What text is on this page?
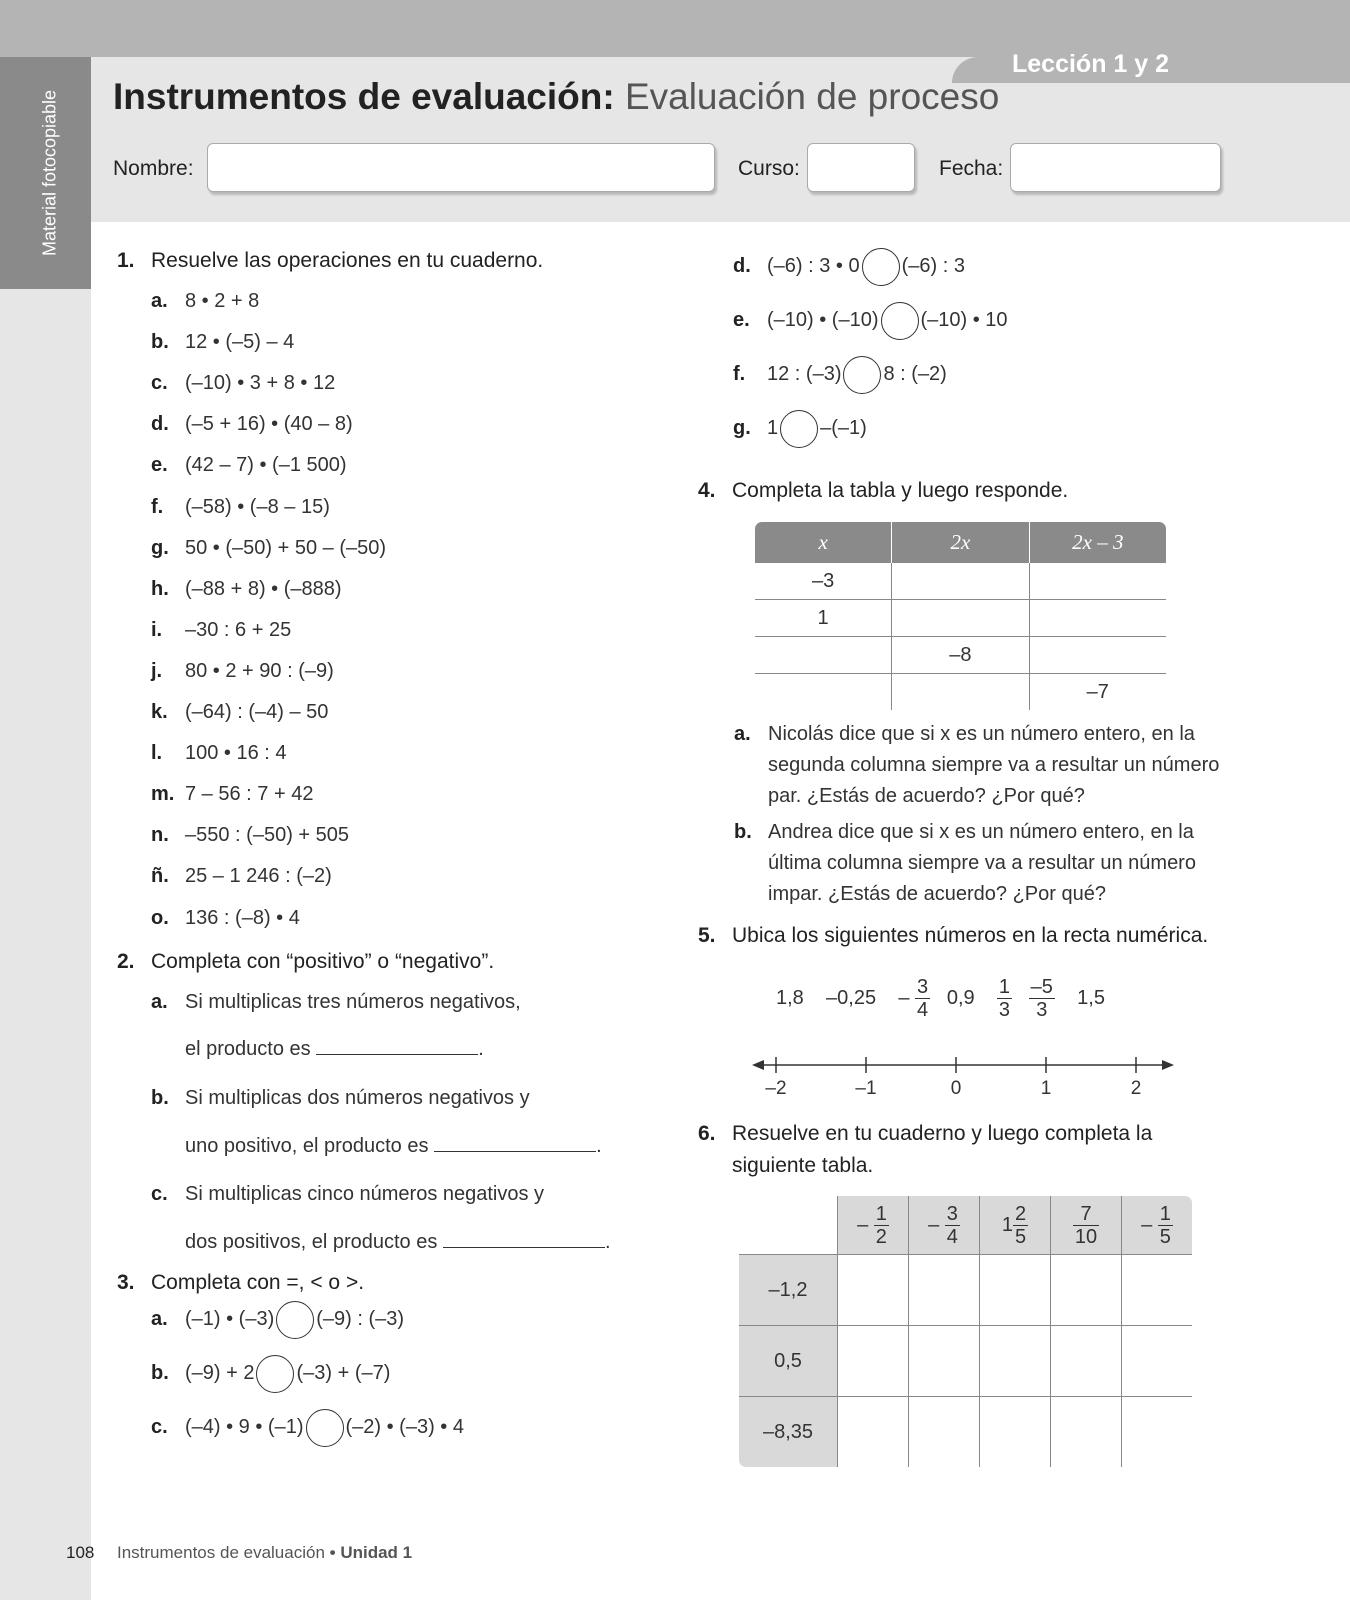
Material fotocopiable
Lección 1 y 2
Instrumentos de evaluación: Evaluación de proceso
Nombre:	Curso:	Fecha:
1. Resuelve las operaciones en tu cuaderno.
a. 8 • 2 + 8
b. 12 • (–5) – 4
c. (–10) • 3 + 8 • 12
d. (–5 + 16) • (40 – 8)
e. (42 – 7) • (–1 500)
f. (–58) • (–8 – 15)
g. 50 • (–50) + 50 – (–50)
h. (–88 + 8) • (–888)
i. –30 : 6 + 25
j. 80 • 2 + 90 : (–9)
k. (–64) : (–4) – 50
l. 100 • 16 : 4
m. 7 – 56 : 7 + 42
n. –550 : (–50) + 505
ñ. 25 – 1 246 : (–2)
o. 136 : (–8) • 4
2. Completa con “positivo” o “negativo”.
a. Si multiplicas tres números negativos,
el producto es	.
b. Si multiplicas dos números negativos y
uno positivo, el producto es	.
c. Si multiplicas cinco números negativos y
dos positivos, el producto es	.
3. Completa con =, < o >.
a. (–1) • (–3) (–9) : (–3)
b. (–9) + 2 (–3) + (–7)
c. (–4) • 9 • (–1) (–2) • (–3) • 4
d. (–6) : 3 • 0 (–6) : 3
e. (–10) • (–10) (–10) • 10
f. 12 : (–3) 8 : (–2)
g. 1 –(–1)
4. Completa la tabla y luego responde.
x	2x	2x – 3
–3		
1		
	–8	
		–7
a. Nicolás dice que si x es un número entero, en la segunda columna siempre va a resultar un número par. ¿Estás de acuerdo? ¿Por qué?
b. Andrea dice que si x es un número entero, en la última columna siempre va a resultar un número impar. ¿Estás de acuerdo? ¿Por qué?
5. Ubica los siguientes números en la recta numérica.
1,8 $-0,25 - \frac{3}{4} 0,9 \frac{1}{3}$
$\frac{-5}{3} 1,5$
–2	–1	0	1	2
6. Resuelve en tu cuaderno y luego completa la
siguiente tabla.
	– $\frac{1}{2}$	– $\frac{3}{4}$	$1 \frac{2}{5}$	$\frac{7}{10}$	– $\frac{1}{5}$

–1,2					
0,5					
–8,35					
108 Instrumentos de evaluación • Unidad 1
